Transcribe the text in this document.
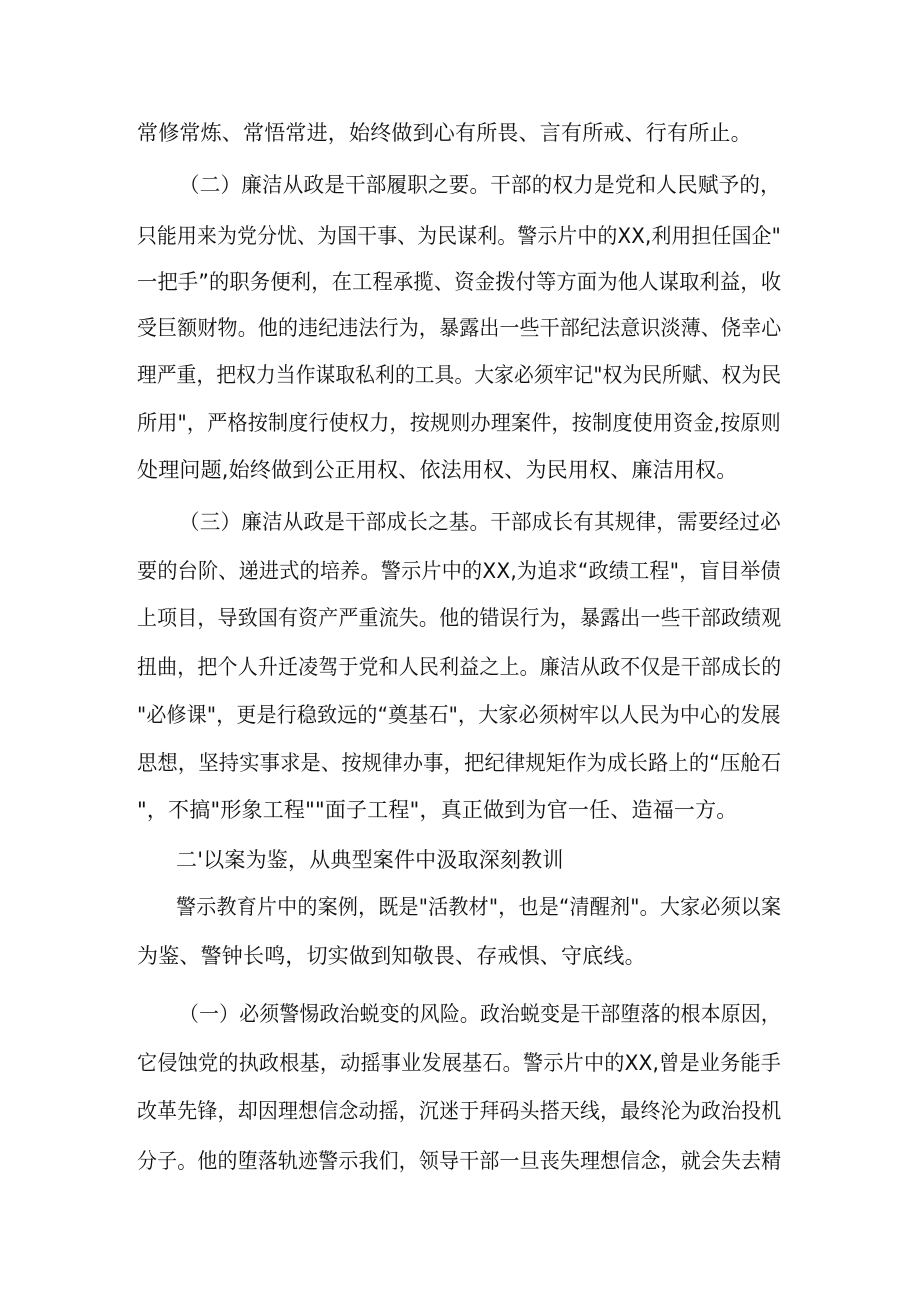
常修常炼、常悟常进，始终做到心有所畏、言有所戒、行有所止。
（二）廉洁从政是干部履职之要。干部的权力是党和人民赋予的，
只能用来为党分忧、为国干事、为民谋利。警示片中的XX,利用担任国企"
一把手”的职务便利，在工程承揽、资金拨付等方面为他人谋取利益，收
受巨额财物。他的违纪违法行为，暴露出一些干部纪法意识淡薄、侥幸心
理严重，把权力当作谋取私利的工具。大家必须牢记"权为民所赋、权为民
所用"，严格按制度行使权力，按规则办理案件，按制度使用资金,按原则
处理问题,始终做到公正用权、依法用权、为民用权、廉洁用权。
（三）廉洁从政是干部成长之基。干部成长有其规律，需要经过必
要的台阶、递进式的培养。警示片中的XX,为追求“政绩工程"，盲目举债
上项目，导致国有资产严重流失。他的错误行为，暴露出一些干部政绩观
扭曲，把个人升迁凌驾于党和人民利益之上。廉洁从政不仅是干部成长的
"必修课"，更是行稳致远的“奠基石"，大家必须树牢以人民为中心的发展
思想，坚持实事求是、按规律办事，把纪律规矩作为成长路上的“压舱石
"，不搞"形象工程""面子工程"，真正做到为官一任、造福一方。
二'以案为鉴，从典型案件中汲取深刻教训
警示教育片中的案例，既是"活教材"，也是“清醒剂"。大家必须以案
为鉴、警钟长鸣，切实做到知敬畏、存戒惧、守底线。
（一）必须警惕政治蜕变的风险。政治蜕变是干部堕落的根本原因，
它侵蚀党的执政根基，动摇事业发展基石。警示片中的XX,曾是业务能手
改革先锋，却因理想信念动摇，沉迷于拜码头搭天线，最终沦为政治投机
分子。他的堕落轨迹警示我们，领导干部一旦丧失理想信念，就会失去精
